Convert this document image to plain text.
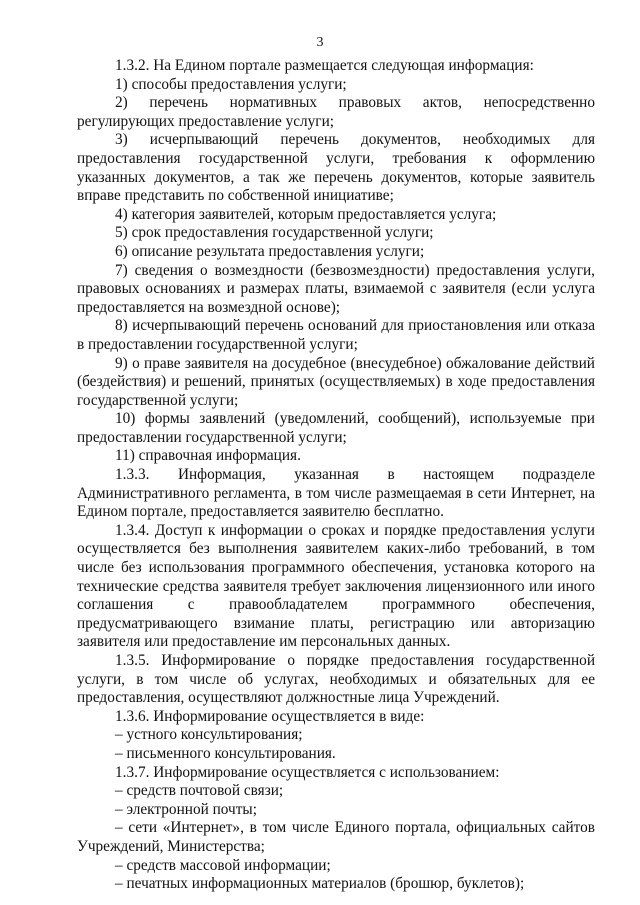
3

1.3.2. На Едином портале размещается следующая информация:

1) способы предоставления услуги;

2) перечень нормативных правовых актов, непосредственно регулирующих предоставление услуги;

3) исчерпывающий перечень документов, необходимых для предоставления государственной услуги, требования к оформлению указанных документов, а так же перечень документов, которые заявитель вправе представить по собственной инициативе;

4) категория заявителей, которым предоставляется услуга;

5) срок предоставления государственной услуги;

6) описание результата предоставления услуги;

7) сведения о возмездности (безвозмездности) предоставления услуги, правовых основаниях и размерах платы, взимаемой с заявителя (если услуга предоставляется на возмездной основе);

8) исчерпывающий перечень оснований для приостановления или отказа в предоставлении государственной услуги;

9) о праве заявителя на досудебное (внесудебное) обжалование действий (бездействия) и решений, принятых (осуществляемых) в ходе предоставления государственной услуги;

10) формы заявлений (уведомлений, сообщений), используемые при предоставлении государственной услуги;

11) справочная информация.

1.3.3. Информация, указанная в настоящем подразделе Административного регламента, в том числе размещаемая в сети Интернет, на Едином портале, предоставляется заявителю бесплатно.

1.3.4. Доступ к информации о сроках и порядке предоставления услуги осуществляется без выполнения заявителем каких-либо требований, в том числе без использования программного обеспечения, установка которого на технические средства заявителя требует заключения лицензионного или иного соглашения с правообладателем программного обеспечения, предусматривающего взимание платы, регистрацию или авторизацию заявителя или предоставление им персональных данных.

1.3.5. Информирование о порядке предоставления государственной услуги, в том числе об услугах, необходимых и обязательных для ее предоставления, осуществляют должностные лица Учреждений.

1.3.6. Информирование осуществляется в виде:

– устного консультирования;

– письменного консультирования.

1.3.7. Информирование осуществляется с использованием:

– средств почтовой связи;

– электронной почты;

– сети «Интернет», в том числе Единого портала, официальных сайтов Учреждений, Министерства;

– средств массовой информации;

– печатных информационных материалов (брошюр, буклетов);
